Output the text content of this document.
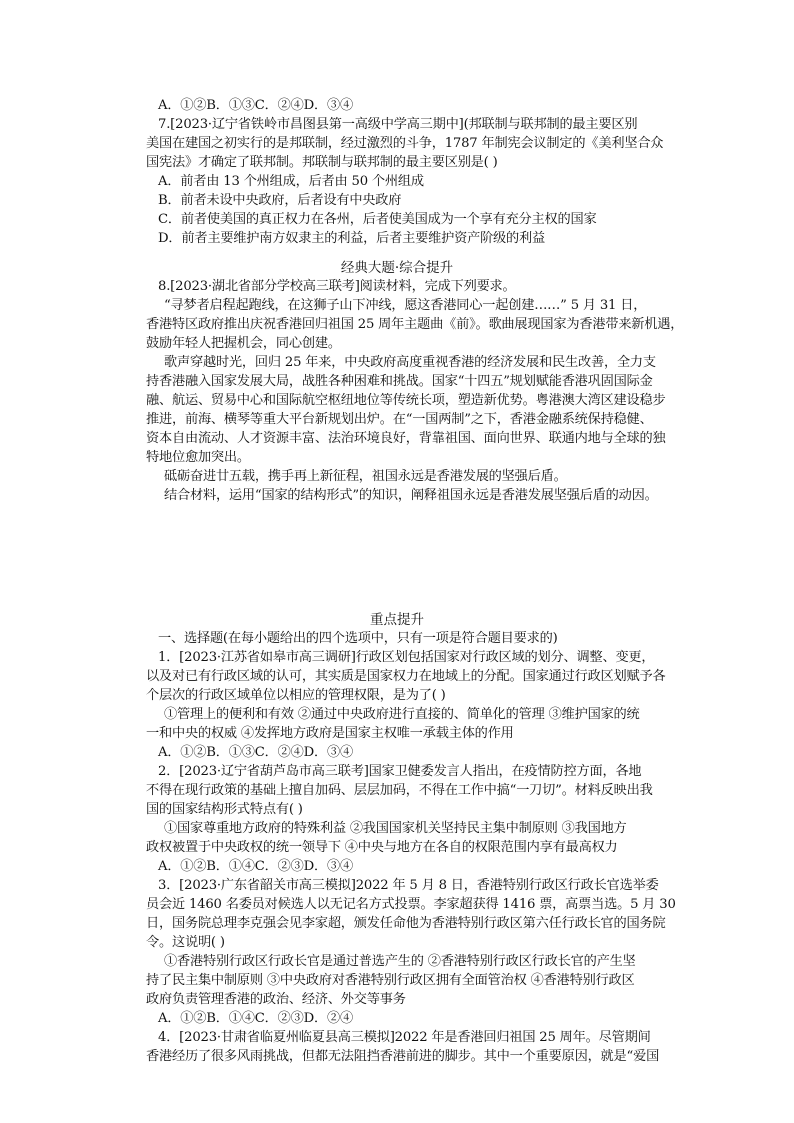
A．①②B．①③C．②④D．③④
7.[2023·辽宁省铁岭市昌图县第一高级中学高三期中](邦联制与联邦制的最主要区别
美国在建国之初实行的是邦联制，经过激烈的斗争，1787 年制宪会议制定的《美利坚合众
国宪法》才确定了联邦制。邦联制与联邦制的最主要区别是( )
A．前者由 13 个州组成，后者由 50 个州组成
B．前者未设中央政府，后者设有中央政府
C．前者使美国的真正权力在各州，后者使美国成为一个享有充分主权的国家
D．前者主要维护南方奴隶主的利益，后者主要维护资产阶级的利益
经典大题·综合提升
8.[2023·湖北省部分学校高三联考]阅读材料，完成下列要求。
“寻梦者启程起跑线，在这狮子山下冲线，愿这香港同心一起创建……” 5 月 31 日，
香港特区政府推出庆祝香港回归祖国 25 周年主题曲《前》。歌曲展现国家为香港带来新机遇，
鼓励年轻人把握机会，同心创建。
歌声穿越时光，回归 25 年来，中央政府高度重视香港的经济发展和民生改善，全力支
持香港融入国家发展大局，战胜各种困难和挑战。国家“十四五”规划赋能香港巩固国际金
融、航运、贸易中心和国际航空枢纽地位等传统长项，塑造新优势。粤港澳大湾区建设稳步
推进，前海、横琴等重大平台新规划出炉。在“一国两制”之下，香港金融系统保持稳健、
资本自由流动、人才资源丰富、法治环境良好，背靠祖国、面向世界、联通内地与全球的独
特地位愈加突出。
砥砺奋进廿五载，携手再上新征程，祖国永远是香港发展的坚强后盾。
结合材料，运用“国家的结构形式”的知识，阐释祖国永远是香港发展坚强后盾的动因。
重点提升
一、选择题(在每小题给出的四个选项中，只有一项是符合题目要求的)
1．[2023·江苏省如皋市高三调研]行政区划包括国家对行政区域的划分、调整、变更，
以及对已有行政区域的认可，其实质是国家权力在地域上的分配。国家通过行政区划赋予各
个层次的行政区域单位以相应的管理权限，是为了( )
①管理上的便利和有效 ②通过中央政府进行直接的、简单化的管理 ③维护国家的统
一和中央的权威 ④发挥地方政府是国家主权唯一承载主体的作用
A．①②B．①③C．②④D．③④
2．[2023·辽宁省葫芦岛市高三联考]国家卫健委发言人指出，在疫情防控方面，各地
不得在现行政策的基础上擅自加码、层层加码，不得在工作中搞“一刀切”。材料反映出我
国的国家结构形式特点有( )
①国家尊重地方政府的特殊利益 ②我国国家机关坚持民主集中制原则 ③我国地方
政权被置于中央政权的统一领导下 ④中央与地方在各自的权限范围内享有最高权力
A．①②B．①④C．②③D．③④
3．[2023·广东省韶关市高三模拟]2022 年 5 月 8 日，香港特别行政区行政长官选举委
员会近 1460 名委员对候选人以无记名方式投票。李家超获得 1416 票，高票当选。5 月 30
日，国务院总理李克强会见李家超，颁发任命他为香港特别行政区第六任行政长官的国务院
令。这说明( )
①香港特别行政区行政长官是通过普选产生的 ②香港特别行政区行政长官的产生坚
持了民主集中制原则 ③中央政府对香港特别行政区拥有全面管治权 ④香港特别行政区
政府负责管理香港的政治、经济、外交等事务
A．①②B．①④C．②③D．②④
4．[2023·甘肃省临夏州临夏县高三模拟]2022 年是香港回归祖国 25 周年。尽管期间
香港经历了很多风雨挑战，但都无法阻挡香港前进的脚步。其中一个重要原因，就是“爱国
